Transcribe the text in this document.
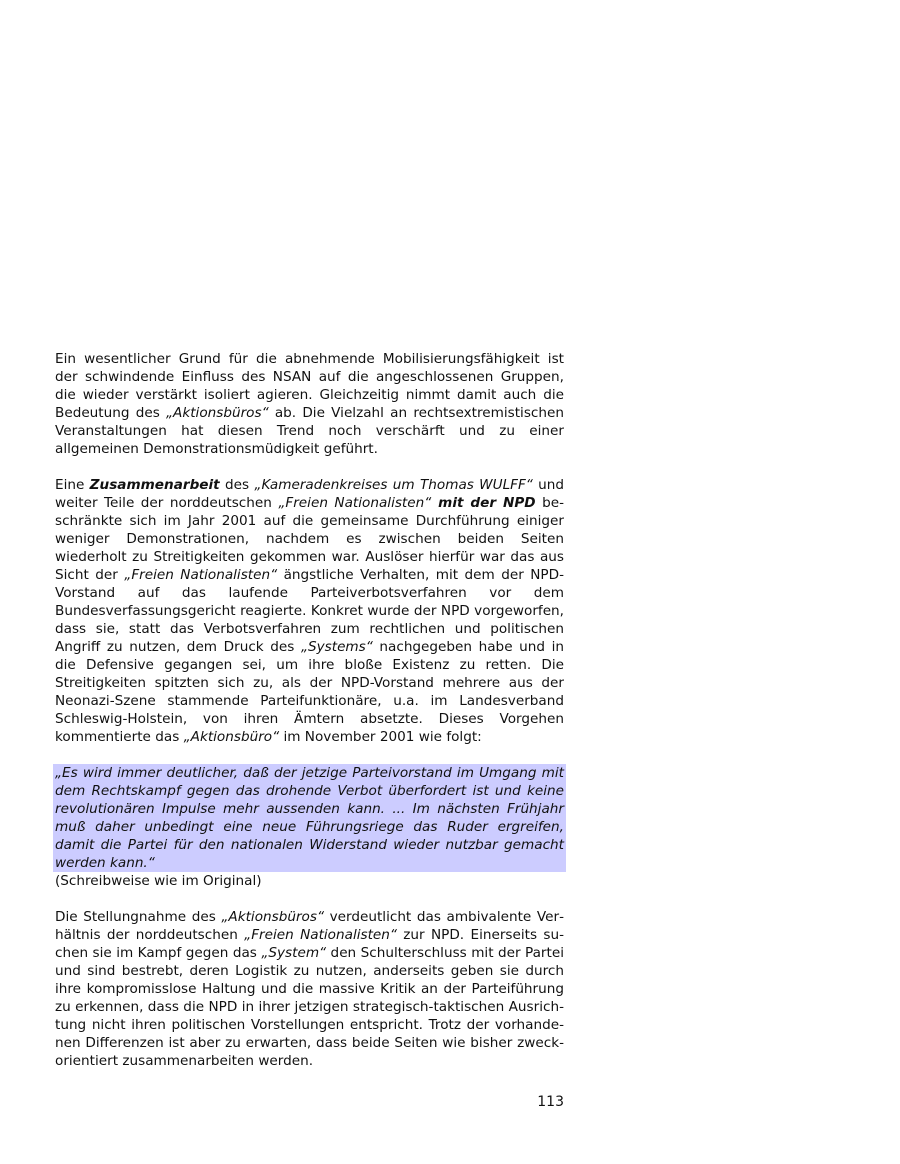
Ein wesentlicher Grund für die abnehmende Mobilisierungsfähigkeit ist der schwindende Einfluss des NSAN auf die angeschlossenen Gruppen, die wieder verstärkt isoliert agieren. Gleichzeitig nimmt damit auch die Bedeutung des „Aktionsbüros“ ab. Die Vielzahl an rechtsextremistischen Veranstaltungen hat diesen Trend noch verschärft und zu einer allgemeinen Demonstrationsmüdigkeit geführt.

Eine Zusammenarbeit des „Kameradenkreises um Thomas WULFF“ und weiter Teile der norddeutschen „Freien Nationalisten“ mit der NPD beschränkte sich im Jahr 2001 auf die gemeinsame Durchführung einiger weniger Demonstrationen, nachdem es zwischen beiden Seiten wiederholt zu Streitigkeiten gekommen war. Auslöser hierfür war das aus Sicht der „Freien Nationalisten“ ängstliche Verhalten, mit dem der NPD-Vorstand auf das laufende Parteiverbotsverfahren vor dem Bundesverfassungsgericht reagierte. Konkret wurde der NPD vorgeworfen, dass sie, statt das Verbotsverfahren zum rechtlichen und politischen Angriff zu nutzen, dem Druck des „Systems“ nachgegeben habe und in die Defensive gegangen sei, um ihre bloße Existenz zu retten. Die Streitigkeiten spitzten sich zu, als der NPD-Vorstand mehrere aus der Neonazi-Szene stammende Parteifunktionäre, u.a. im Landesverband Schleswig-Holstein, von ihren Ämtern absetzte. Dieses Vorgehen kommentierte das „Aktionsbüro“ im November 2001 wie folgt:

„Es wird immer deutlicher, daß der jetzige Parteivorstand im Umgang mit dem Rechtskampf gegen das drohende Verbot überfordert ist und keine revolutionären Impulse mehr aussenden kann. ... Im nächsten Frühjahr muß daher unbedingt eine neue Führungsriege das Ruder ergreifen, damit die Partei für den nationalen Widerstand wieder nutzbar gemacht werden kann.“

(Schreibweise wie im Original)

Die Stellungnahme des „Aktionsbüros“ verdeutlicht das ambivalente Verhältnis der norddeutschen „Freien Nationalisten“ zur NPD. Einerseits suchen sie im Kampf gegen das „System“ den Schulterschluss mit der Partei und sind bestrebt, deren Logistik zu nutzen, anderseits geben sie durch ihre kompromisslose Haltung und die massive Kritik an der Parteiführung zu erkennen, dass die NPD in ihrer jetzigen strategisch-taktischen Ausrichtung nicht ihren politischen Vorstellungen entspricht. Trotz der vorhandenen Differenzen ist aber zu erwarten, dass beide Seiten wie bisher zweckorientiert zusammenarbeiten werden.

113
